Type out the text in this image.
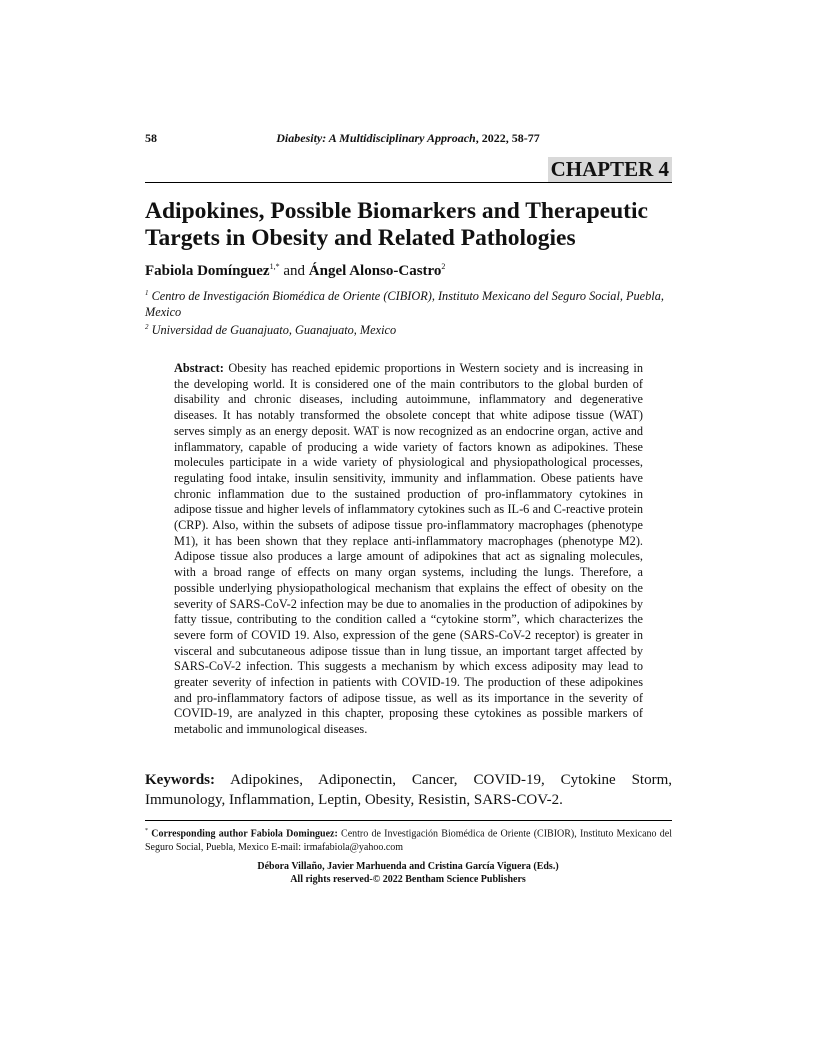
58	Diabesity: A Multidisciplinary Approach, 2022, 58-77
CHAPTER 4
Adipokines, Possible Biomarkers and Therapeutic Targets in Obesity and Related Pathologies
Fabiola Domínguez$^{1,*}$ and Ángel Alonso-Castro$^2$
$^1$ Centro de Investigación Biomédica de Oriente (CIBIOR), Instituto Mexicano del Seguro Social, Puebla, Mexico
$^2$ Universidad de Guanajuato, Guanajuato, Mexico

Abstract: Obesity has reached epidemic proportions in Western society and is increasing in the developing world. It is considered one of the main contributors to the global burden of disability and chronic diseases, including autoimmune, inflammatory and degenerative diseases. It has notably transformed the obsolete concept that white adipose tissue (WAT) serves simply as an energy deposit. WAT is now recognized as an endocrine organ, active and inflammatory, capable of producing a wide variety of factors known as adipokines. These molecules participate in a wide variety of physiological and physiopathological processes, regulating food intake, insulin sensitivity, immunity and inflammation. Obese patients have chronic inflammation due to the sustained production of pro-inflammatory cytokines in adipose tissue and higher levels of inflammatory cytokines such as IL-6 and C-reactive protein (CRP). Also, within the subsets of adipose tissue pro-inflammatory macrophages (phenotype M1), it has been shown that they replace anti-inflammatory macrophages (phenotype M2). Adipose tissue also produces a large amount of adipokines that act as signaling molecules, with a broad range of effects on many organ systems, including the lungs. Therefore, a possible underlying physiopathological mechanism that explains the effect of obesity on the severity of SARS-CoV-2 infection may be due to anomalies in the production of adipokines by fatty tissue, contributing to the condition called a “cytokine storm”, which characterizes the severe form of COVID 19. Also, expression of the gene (SARS-CoV-2 receptor) is greater in visceral and subcutaneous adipose tissue than in lung tissue, an important target affected by SARS-CoV-2 infection. This suggests a mechanism by which excess adiposity may lead to greater severity of infection in patients with COVID-19. The production of these adipokines and pro-inflammatory factors of adipose tissue, as well as its importance in the severity of COVID-19, are analyzed in this chapter, proposing these cytokines as possible markers of metabolic and immunological diseases.

Keywords: Adipokines, Adiponectin, Cancer, COVID-19, Cytokine Storm, Immunology, Inflammation, Leptin, Obesity, Resistin, SARS-COV-2.

* Corresponding author Fabiola Dominguez: Centro de Investigación Biomédica de Oriente (CIBIOR), Instituto Mexicano del Seguro Social, Puebla, Mexico E-mail: irmafabiola@yahoo.com

Débora Villaño, Javier Marhuenda and Cristina García Viguera (Eds.)
All rights reserved-© 2022 Bentham Science Publishers
